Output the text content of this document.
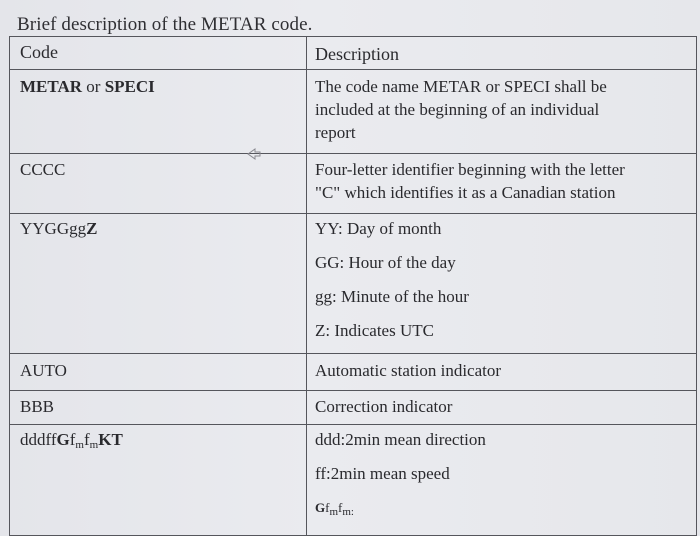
Brief description of the METAR code.
Code	Description
METAR or SPECI	The code name METAR or SPECI shall be
included at the beginning of an individual
report

CCCC	Four-letter identifier beginning with the letter
"C" which identifies it as a Canadian station

YYGGggZ	YY: Day of month
GG: Hour of the day
gg: Minute of the hour
Z: Indicates UTC

AUTO	Automatic station indicator
BBB	Correction indicator
$dddffGf_mf_mKT$	ddd:2min mean direction
ff:2min mean speed
$Gf_mf_{m:}$
